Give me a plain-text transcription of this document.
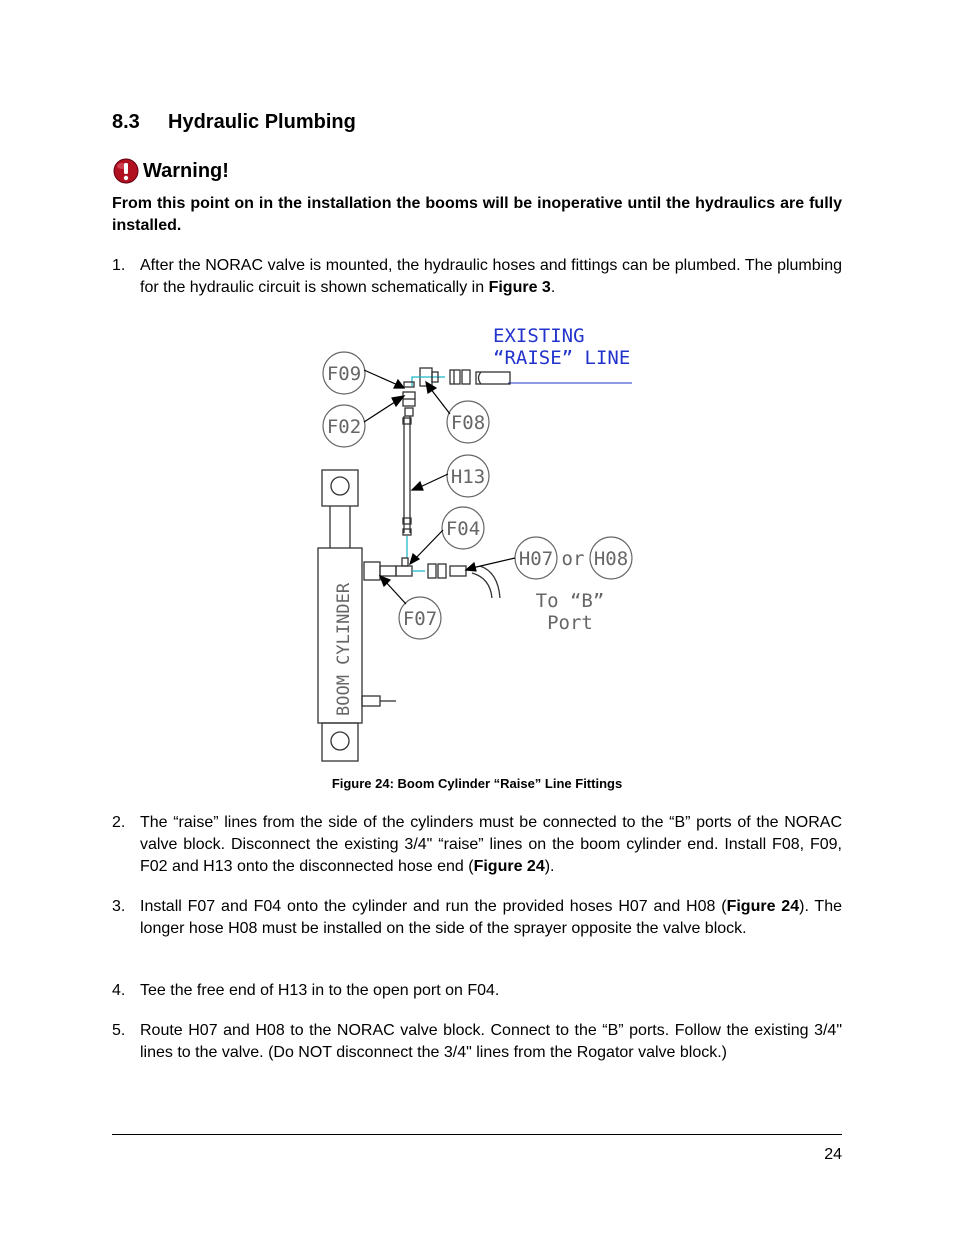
8.3 Hydraulic Plumbing
Warning!
From this point on in the installation the booms will be inoperative until the hydraulics are fully installed.
1. After the NORAC valve is mounted, the hydraulic hoses and fittings can be plumbed. The plumbing for the hydraulic circuit is shown schematically in Figure 3.
F09
F02	F08
H13
F04
F07
H07 or H08
To “B”
Port
EXISTING
“RAISE” LINE
BOOM CYLINDER
Figure 24: Boom Cylinder “Raise” Line Fittings
2. The “raise” lines from the side of the cylinders must be connected to the “B” ports of the NORAC valve block. Disconnect the existing 3/4" “raise” lines on the boom cylinder end. Install F08, F09, F02 and H13 onto the disconnected hose end (Figure 24).
3. Install F07 and F04 onto the cylinder and run the provided hoses H07 and H08 (Figure 24). The longer hose H08 must be installed on the side of the sprayer opposite the valve block.
4. Tee the free end of H13 in to the open port on F04.
5. Route H07 and H08 to the NORAC valve block. Connect to the “B” ports. Follow the existing 3/4" lines to the valve. (Do NOT disconnect the 3/4" lines from the Rogator valve block.)
24
